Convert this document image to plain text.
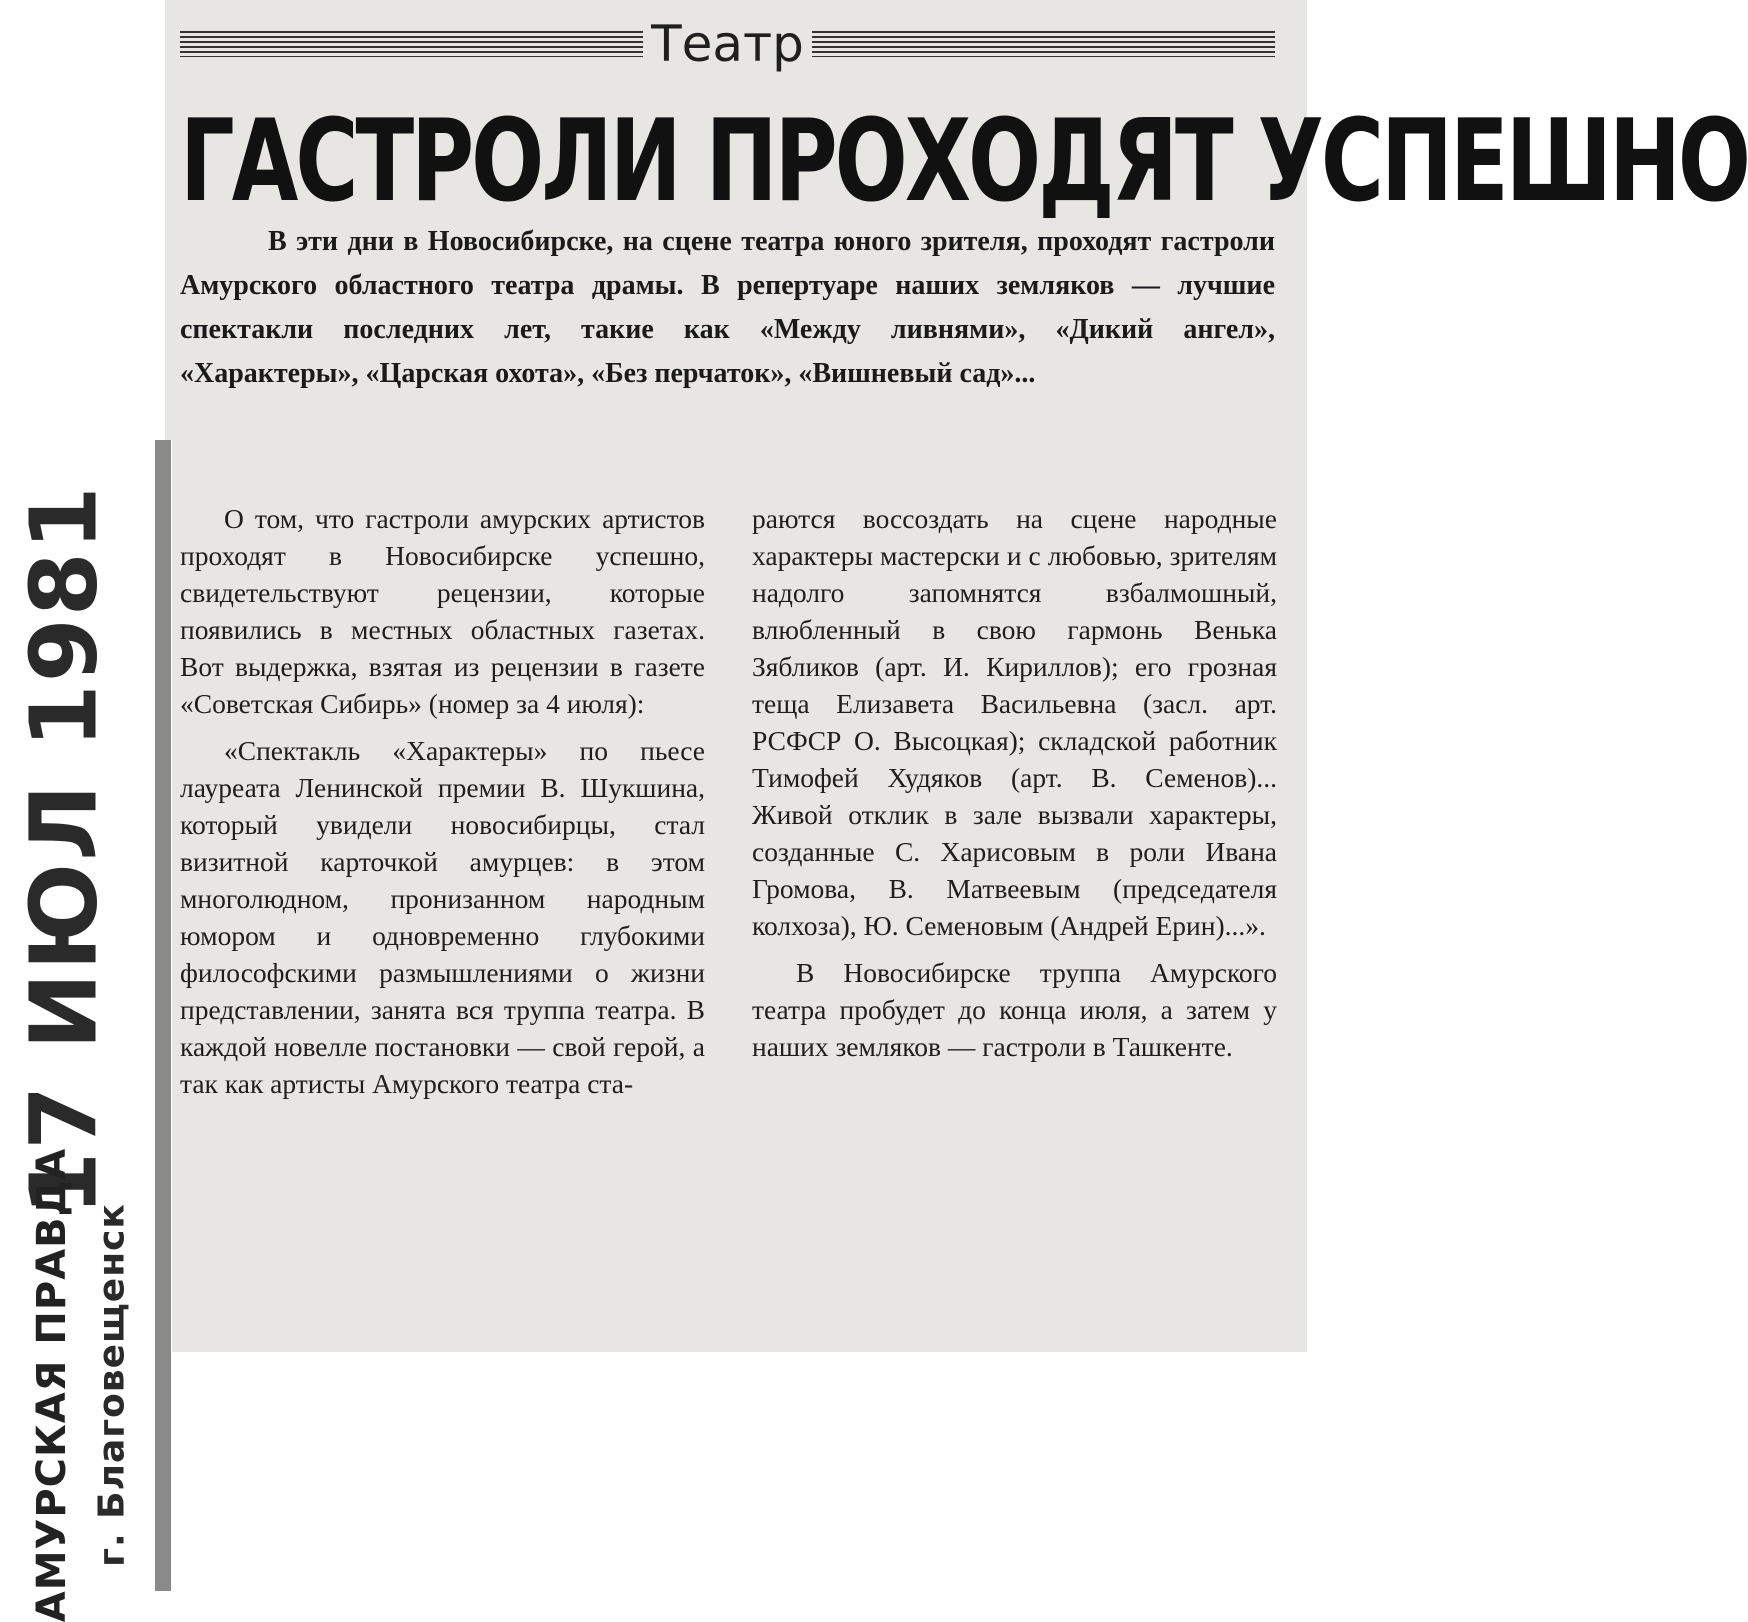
17 ИЮЛ 1981
АМУРСКАЯ ПРАВДА г. Благовещенск
Театр
ГАСТРОЛИ ПРОХОДЯТ УСПЕШНО

В эти дни в Новосибирске, на сцене театра юного зрителя, проходят гастроли Амурского областного театра драмы. В репертуаре наших земляков — лучшие спектакли последних лет, такие как «Между ливнями», «Дикий ангел», «Характеры», «Царская охота», «Без перчаток», «Вишневый сад»...

О том, что гастроли амурских артистов проходят в Новосибирске успешно, свидетельствуют рецензии, которые появились в местных областных газетах. Вот выдержка, взятая из рецензии в газете «Советская Сибирь» (номер за 4 июля):

«Спектакль «Характеры» по пьесе лауреата Ленинской премии В. Шукшина, который увидели новосибирцы, стал визитной карточкой амурцев: в этом многолюдном, пронизанном народным юмором и одновременно глубокими философскими размышлениями о жизни представлении, занята вся труппа театра. В каждой новелле постановки — свой герой, а так как артисты Амурского театра ста-

раются воссоздать на сцене народные характеры мастерски и с любовью, зрителям надолго запомнятся взбалмошный, влюбленный в свою гармонь Венька Зябликов (арт. И. Кириллов); его грозная теща Елизавета Васильевна (засл. арт. РСФСР О. Высоцкая); складской работник Тимофей Худяков (арт. В. Семенов)... Живой отклик в зале вызвали характеры, созданные С. Харисовым в роли Ивана Громова, В. Матвеевым (председателя колхоза), Ю. Семеновым (Андрей Ерин)...».

В Новосибирске труппа Амурского театра пробудет до конца июля, а затем у наших земляков — гастроли в Ташкенте.
